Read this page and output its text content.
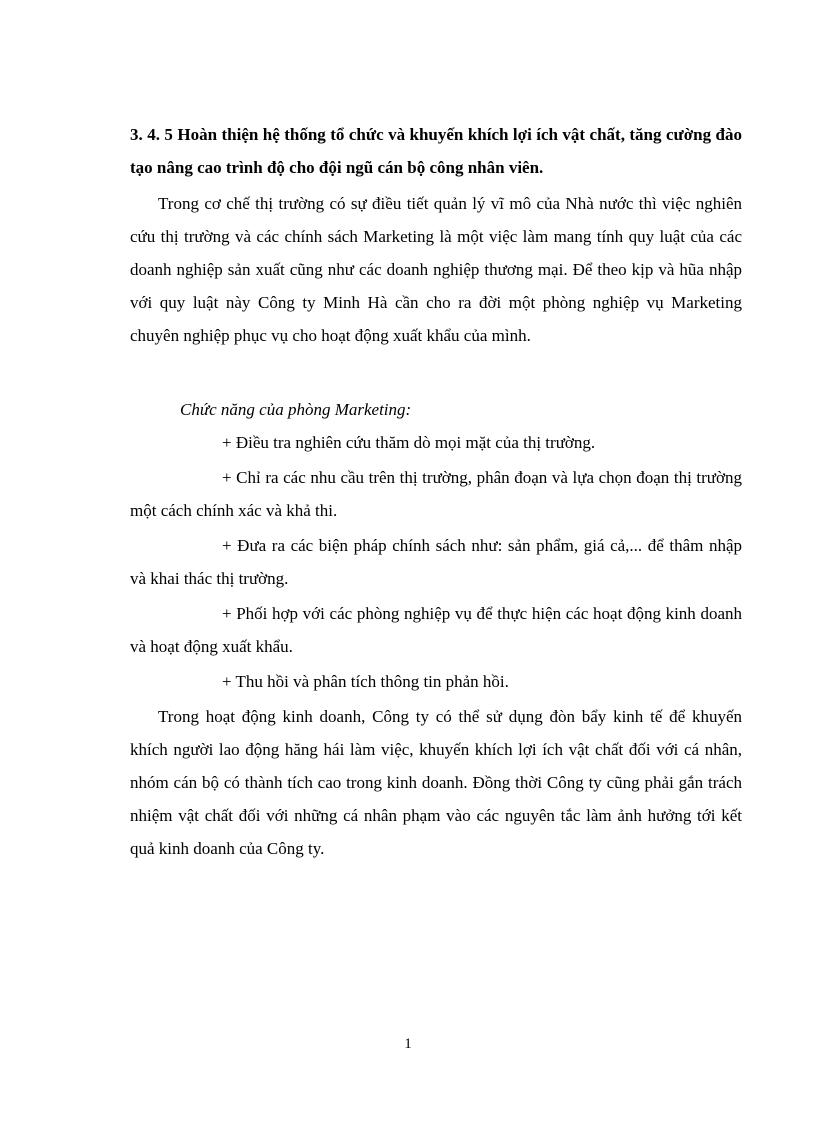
3. 4. 5 Hoàn thiện hệ thống tổ chức và khuyến khích lợi ích vật chất, tăng cường đào tạo nâng cao trình độ cho đội ngũ cán bộ công nhân viên.
Trong cơ chế thị trường có sự điều tiết quản lý vĩ mô của Nhà nước thì việc nghiên cứu thị trường và các chính sách Marketing là một việc làm mang tính quy luật của các doanh nghiệp sản xuất cũng như các doanh nghiệp thương mại. Để theo kịp và hũa nhập với quy luật này Công ty Minh Hà cần cho ra đời một phòng nghiệp vụ Marketing chuyên nghiệp phục vụ cho hoạt động xuất khẩu của mình.
Chức năng của phòng Marketing:
+ Điều tra nghiên cứu thăm dò mọi mặt của thị trường.
+ Chỉ ra các nhu cầu trên thị trường, phân đoạn và lựa chọn đoạn thị trường một cách chính xác và khả thi.
+ Đưa ra các biện pháp chính sách như: sản phẩm, giá cả,... để thâm nhập và khai thác thị trường.
+ Phối hợp với các phòng nghiệp vụ để thực hiện các hoạt động kinh doanh và hoạt động xuất khẩu.
+ Thu hồi và phân tích thông tin phản hồi.
Trong hoạt động kinh doanh, Công ty có thể sử dụng đòn bẩy kinh tế để khuyến khích người lao động hăng hái làm việc, khuyến khích lợi ích vật chất đối với cá nhân, nhóm cán bộ có thành tích cao trong kinh doanh. Đồng thời Công ty cũng phải gắn trách nhiệm vật chất đối với những cá nhân phạm vào các nguyên tắc làm ảnh hưởng tới kết quả kinh doanh của Công ty.
1
